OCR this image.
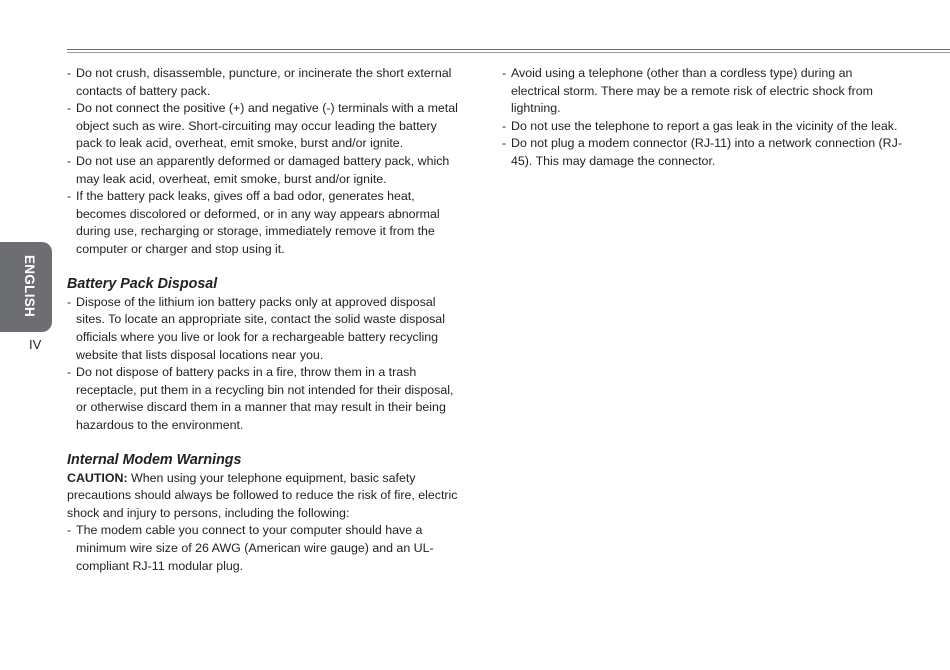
ENGLISH
IV
- Do not crush, disassemble, puncture, or incinerate the short external contacts of battery pack.
- Do not connect the positive (+) and negative (-) terminals with a metal object such as wire. Short-circuiting may occur leading the battery pack to leak acid, overheat, emit smoke, burst and/or ignite.
- Do not use an apparently deformed or damaged battery pack, which may leak acid, overheat, emit smoke, burst and/or ignite.
- If the battery pack leaks, gives off a bad odor, generates heat, becomes discolored or deformed, or in any way appears abnormal during use, recharging or storage, immediately remove it from the computer or charger and stop using it.
Battery Pack Disposal
- Dispose of the lithium ion battery packs only at approved disposal sites. To locate an appropriate site, contact the solid waste disposal officials where you live or look for a rechargeable battery recycling website that lists disposal locations near you.
- Do not dispose of battery packs in a fire, throw them in a trash receptacle, put them in a recycling bin not intended for their disposal, or otherwise discard them in a manner that may result in their being hazardous to the environment.
Internal Modem Warnings
CAUTION: When using your telephone equipment, basic safety precautions should always be followed to reduce the risk of fire, electric shock and injury to persons, including the following:
- The modem cable you connect to your computer should have a minimum wire size of 26 AWG (American wire gauge) and an UL-compliant RJ-11 modular plug.
- Avoid using a telephone (other than a cordless type) during an electrical storm. There may be a remote risk of electric shock from lightning.
- Do not use the telephone to report a gas leak in the vicinity of the leak.
- Do not plug a modem connector (RJ-11) into a network connection (RJ-45). This may damage the connector.
